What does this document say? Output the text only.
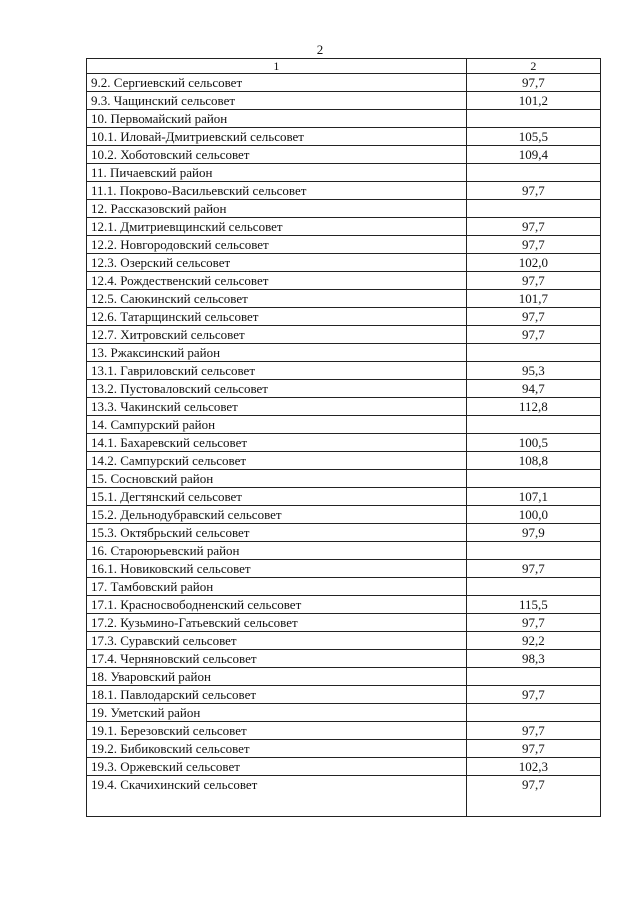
2
1	2
9.2. Сергиевский сельсовет	97,7
9.3. Чащинский сельсовет	101,2
10. Первомайский район	
10.1. Иловай-Дмитриевский сельсовет	105,5
10.2. Хоботовский сельсовет	109,4
11. Пичаевский район	
11.1. Покрово-Васильевский сельсовет	97,7
12. Рассказовский район	
12.1. Дмитриевщинский сельсовет	97,7
12.2. Новгородовский сельсовет	97,7
12.3. Озерский сельсовет	102,0
12.4. Рождественский сельсовет	97,7
12.5. Саюкинский сельсовет	101,7
12.6. Татарщинский сельсовет	97,7
12.7. Хитровский сельсовет	97,7
13. Ржаксинский район	
13.1. Гавриловский сельсовет	95,3
13.2. Пустоваловский сельсовет	94,7
13.3. Чакинский сельсовет	112,8
14. Сампурский район	
14.1. Бахаревский сельсовет	100,5
14.2. Сампурский сельсовет	108,8
15. Сосновский район	
15.1. Дегтянский сельсовет	107,1
15.2. Дельнодубравский сельсовет	100,0
15.3. Октябрьский сельсовет	97,9
16. Староюрьевский район	
16.1. Новиковский сельсовет	97,7
17. Тамбовский район	
17.1. Красносвободненский сельсовет	115,5
17.2. Кузьмино-Гатьевский сельсовет	97,7
17.3. Суравский сельсовет	92,2
17.4. Черняновский сельсовет	98,3
18. Уваровский район	
18.1. Павлодарский сельсовет	97,7
19. Уметский район	
19.1. Березовский сельсовет	97,7
19.2. Бибиковский сельсовет	97,7
19.3. Оржевский сельсовет	102,3
19.4. Скачихинский сельсовет	97,7
